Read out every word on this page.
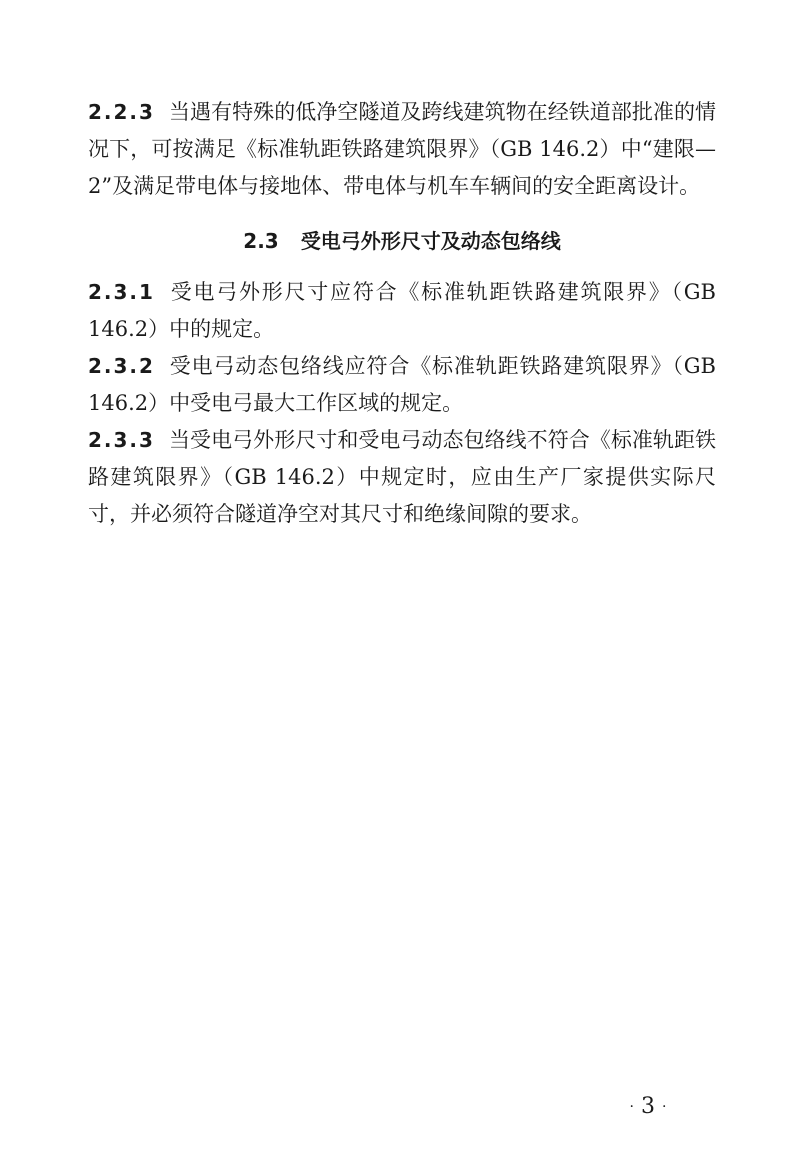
2.2.3 当遇有特殊的低净空隧道及跨线建筑物在经铁道部批准的情况下，可按满足《标准轨距铁路建筑限界》（GB 146.2）中“建限—2”及满足带电体与接地体、带电体与机车车辆间的安全距离设计。

2.3 受电弓外形尺寸及动态包络线

2.3.1 受电弓外形尺寸应符合《标准轨距铁路建筑限界》（GB 146.2）中的规定。

2.3.2 受电弓动态包络线应符合《标准轨距铁路建筑限界》（GB 146.2）中受电弓最大工作区域的规定。

2.3.3 当受电弓外形尺寸和受电弓动态包络线不符合《标准轨距铁路建筑限界》（GB 146.2）中规定时，应由生产厂家提供实际尺寸，并必须符合隧道净空对其尺寸和绝缘间隙的要求。

· 3 ·
